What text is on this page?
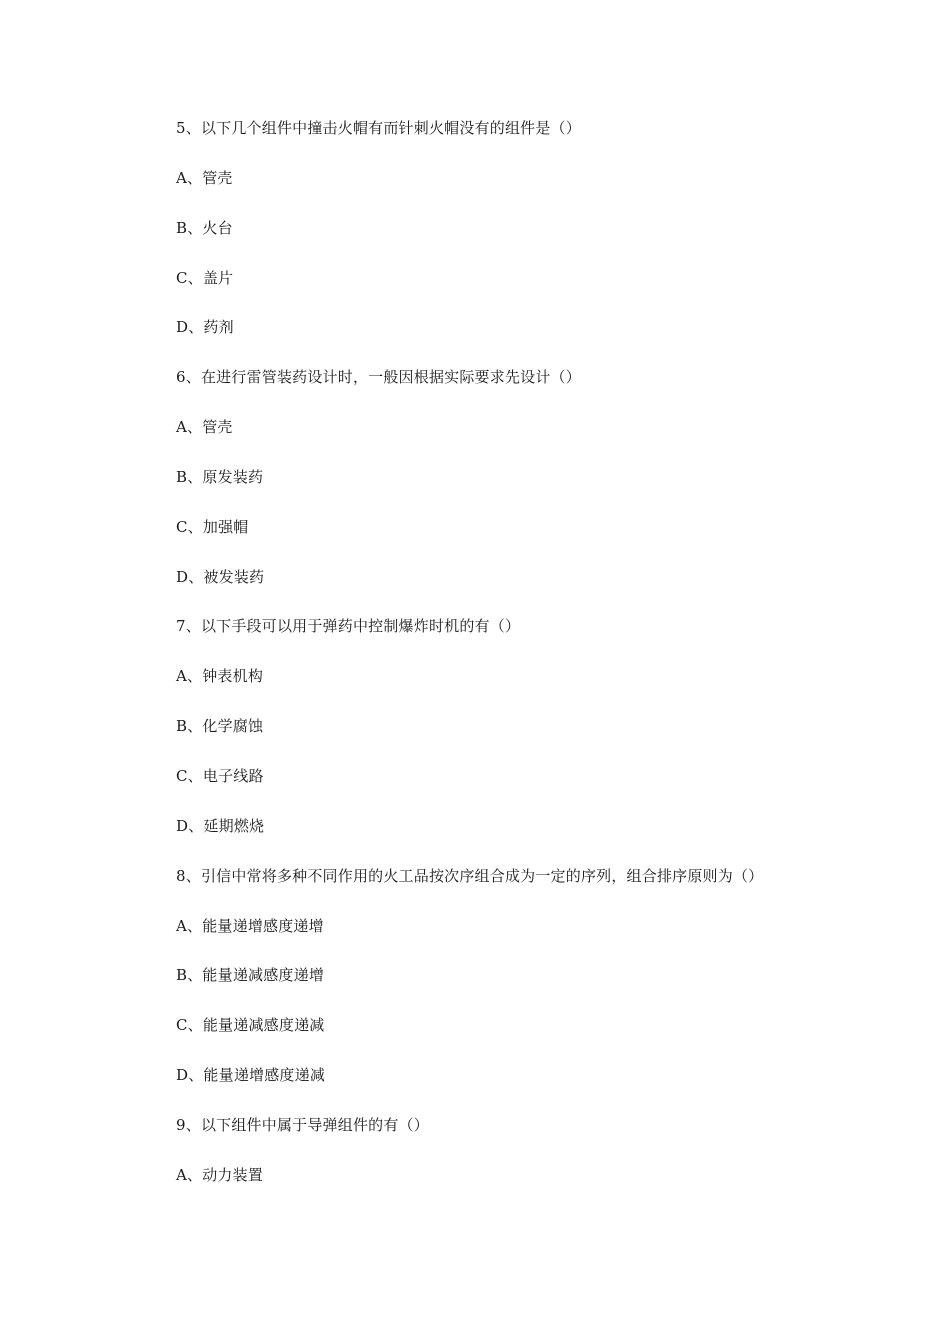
5、以下几个组件中撞击火帽有而针刺火帽没有的组件是（）
A、管壳
B、火台
C、盖片
D、药剂
6、在进行雷管装药设计时，一般因根据实际要求先设计（）
A、管壳
B、原发装药
C、加强帽
D、被发装药
7、以下手段可以用于弹药中控制爆炸时机的有（）
A、钟表机构
B、化学腐蚀
C、电子线路
D、延期燃烧
8、引信中常将多种不同作用的火工品按次序组合成为一定的序列，组合排序原则为（）
A、能量递增感度递增
B、能量递减感度递增
C、能量递减感度递减
D、能量递增感度递减
9、以下组件中属于导弹组件的有（）
A、动力装置
